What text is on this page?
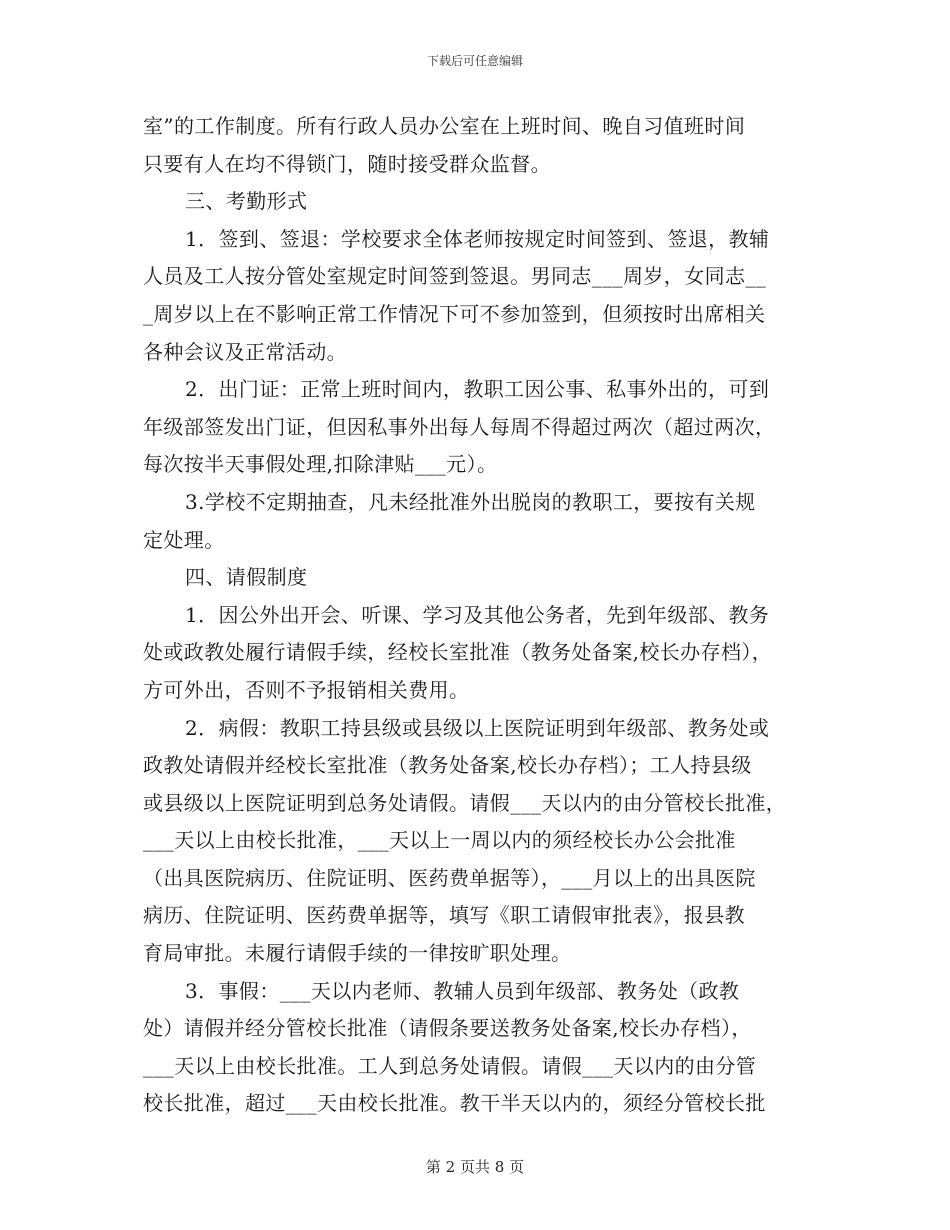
下载后可任意编辑
室”的工作制度。所有行政人员办公室在上班时间、晚自习值班时间
只要有人在均不得锁门，随时接受群众监督。
三、考勤形式
1．签到、签退：学校要求全体老师按规定时间签到、签退，教辅
人员及工人按分管处室规定时间签到签退。男同志___周岁，女同志__
_周岁以上在不影响正常工作情况下可不参加签到，但须按时出席相关
各种会议及正常活动。
2．出门证：正常上班时间内，教职工因公事、私事外出的，可到
年级部签发出门证，但因私事外出每人每周不得超过两次（超过两次，
每次按半天事假处理,扣除津贴___元）。
3.学校不定期抽查，凡未经批准外出脱岗的教职工，要按有关规
定处理。
四、请假制度
1．因公外出开会、听课、学习及其他公务者，先到年级部、教务
处或政教处履行请假手续，经校长室批准（教务处备案,校长办存档），
方可外出，否则不予报销相关费用。
2．病假：教职工持县级或县级以上医院证明到年级部、教务处或
政教处请假并经校长室批准（教务处备案,校长办存档）；工人持县级
或县级以上医院证明到总务处请假。请假___天以内的由分管校长批准，
___天以上由校长批准，___天以上一周以内的须经校长办公会批准
（出具医院病历、住院证明、医药费单据等），___月以上的出具医院
病历、住院证明、医药费单据等，填写《职工请假审批表》，报县教
育局审批。未履行请假手续的一律按旷职处理。
3．事假：___天以内老师、教辅人员到年级部、教务处（政教
处）请假并经分管校长批准（请假条要送教务处备案,校长办存档），
___天以上由校长批准。工人到总务处请假。请假___天以内的由分管
校长批准，超过___天由校长批准。教干半天以内的，须经分管校长批
第 2 页共 8 页
